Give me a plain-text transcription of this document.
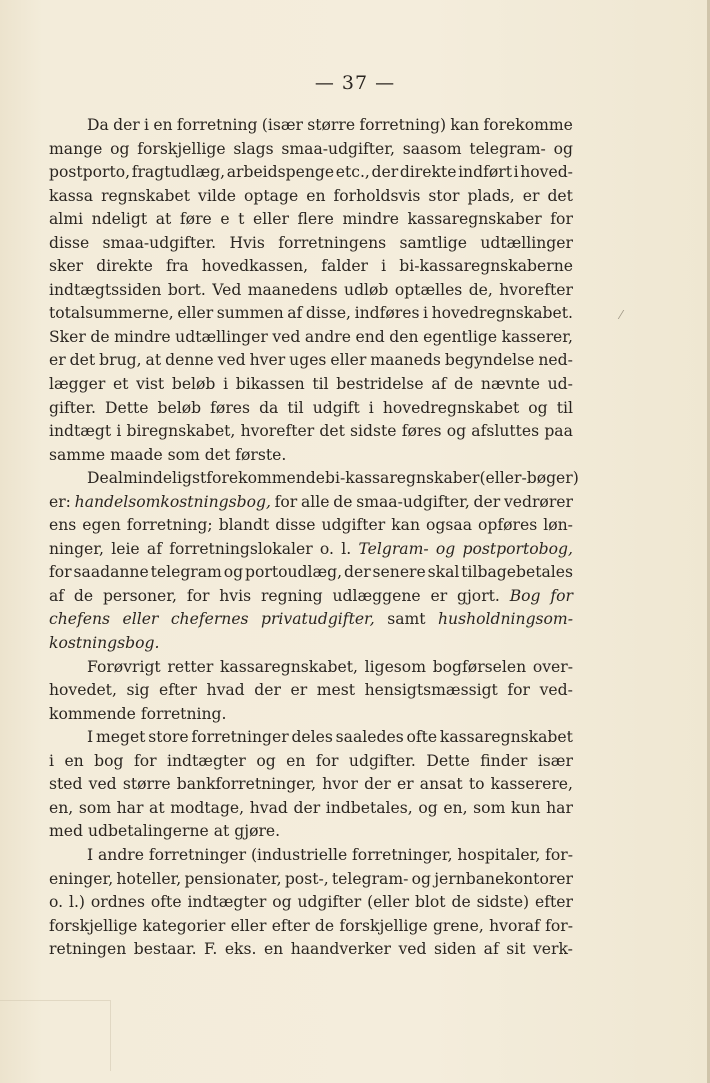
— 37 —
Da der i en forretning (især større forretning) kan forekomme
mange og forskjellige slags smaa-udgifter, saasom telegram- og
postporto, fragtudlæg, arbeidspenge etc., der direkte indført i hoved-
kassa regnskabet vilde optage en forholdsvis stor plads, er det
almi ndeligt at føre e t eller flere mindre kassaregnskaber for
disse smaa-udgifter. Hvis forretningens samtlige udtællinger
sker direkte fra hovedkassen, falder i bi-kassaregnskaberne
indtægtssiden bort. Ved maanedens udløb optælles de, hvorefter
totalsummerne, eller summen af disse, indføres i hovedregnskabet.
Sker de mindre udtællinger ved andre end den egentlige kasserer,
er det brug, at denne ved hver uges eller maaneds begyndelse ned-
lægger et vist beløb i bikassen til bestridelse af de nævnte ud-
gifter. Dette beløb føres da til udgift i hovedregnskabet og til
indtægt i biregnskabet, hvorefter det sidste føres og afsluttes paa
samme
maade
som
det
første.
De almindeligst forekommende bi-kassaregnskaber (eller -bøger)
er: handelsomkostningsbog, for alle de smaa-udgifter, der vedrører
ens egen forretning; blandt disse udgifter kan ogsaa opføres løn-
ninger, leie af forretningslokaler o. l. Telgram- og postportobog,
for saadanne telegram og portoudlæg, der senere skal tilbagebetales
af de personer, for hvis regning udlæggene er gjort. Bog for
chefens eller chefernes privatudgifter, samt husholdningsom-
kostningsbog.
Forøvrigt retter kassaregnskabet, ligesom bogførselen over-
hovedet, sig efter hvad der er mest hensigtsmæssigt for ved-
kommende
forretning.
I meget store forretninger deles saaledes ofte kassaregnskabet
i en bog for indtægter og en for udgifter. Dette finder især
sted ved større bankforretninger, hvor der er ansat to kasserere,
en, som har at modtage, hvad der indbetales, og en, som kun har
med
udbetalingerne
at
gjøre.
I andre forretninger (industrielle forretninger, hospitaler, for-
eninger, hoteller, pensionater, post-, telegram- og jernbanekontorer
o. l.) ordnes ofte indtægter og udgifter (eller blot de sidste) efter
forskjellige kategorier eller efter de forskjellige grene, hvoraf for-
retningen bestaar. F. eks. en haandverker ved siden af sit verk-
⁄
